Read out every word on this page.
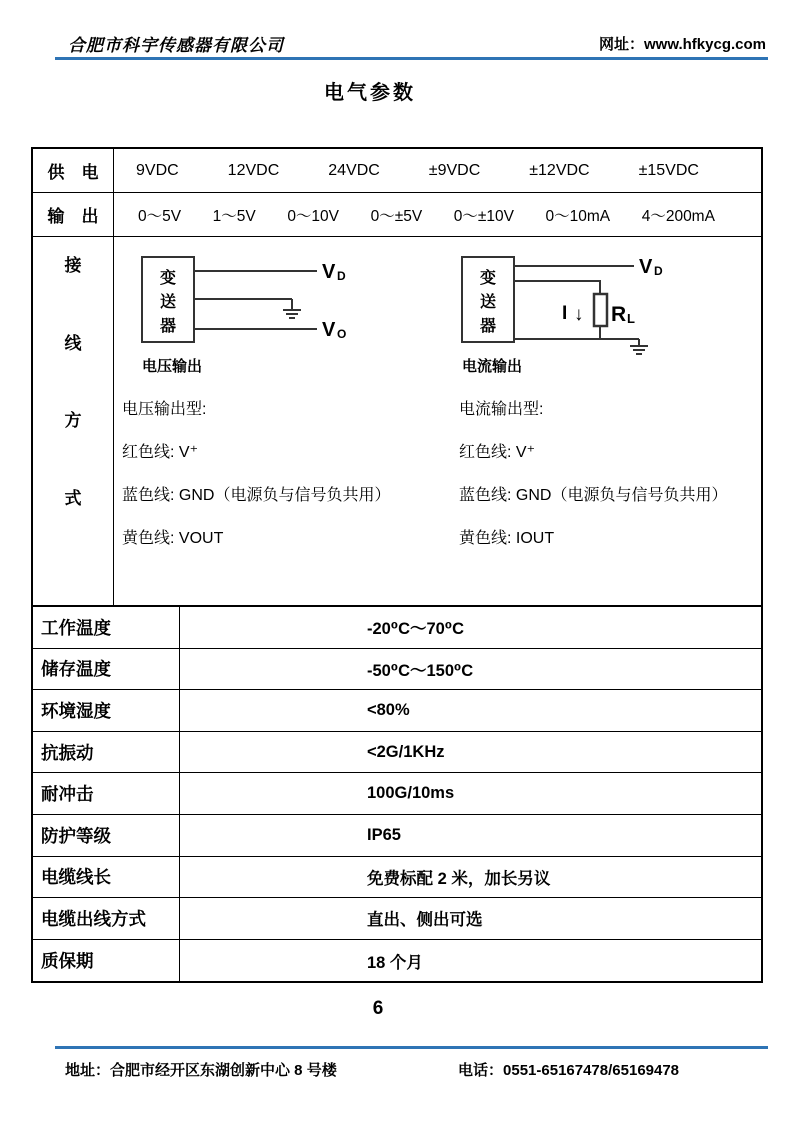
合肥市科宇传感器有限公司	网址：www.hfkycg.com
电气参数
供　电	9VDC	12VDC	24VDC	±9VDC	±12VDC	±15VDC
输　出	0～5V 1～5V 0～10V 0～±5V 0～±10V 0～10mA 4～200mA
接
线
方
式
变
送
器
V D
V O
电压输出
变
送
器
V D
I ↓ R L
电流输出
电压输出型:
红色线: V⁺
蓝色线: GND（电源负与信号负共用）
黄色线: VOUT
电流输出型:
红色线: V⁺
蓝色线: GND（电源负与信号负共用）
黄色线: IOUT
工作温度	-20⁰C～70⁰C
储存温度	-50⁰C～150⁰C
环境湿度	<80%
抗振动	<2G/1KHz
耐冲击	100G/10ms
防护等级	IP65
电缆线长	免费标配 2 米，加长另议
电缆出线方式	直出、侧出可选
质保期	18 个月
6
地址：合肥市经开区东湖创新中心 8 号楼	电话：0551-65167478/65169478
